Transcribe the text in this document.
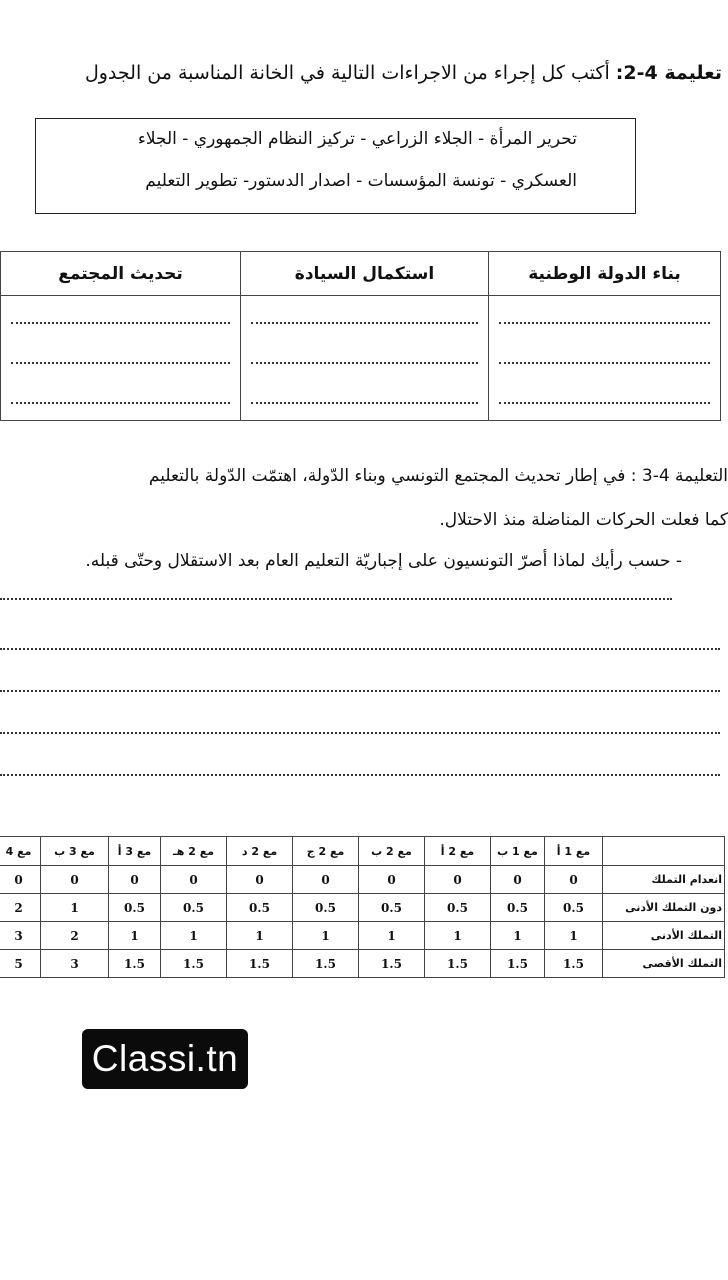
تعليمة 4-2: أكتب كل إجراء من الاجراءات التالية في الخانة المناسبة من الجدول
تحرير المرأة - الجلاء الزراعي - تركيز النظام الجمهوري - الجلاء
العسكري - تونسة المؤسسات - اصدار الدستور- تطوير التعليم
تحديث المجتمع	استكمال السيادة	بناء الدولة الوطنية

التعليمة 4-3 : في إطار تحديث المجتمع التونسي وبناء الدّولة، اهتمّت الدّولة بالتعليم
كما فعلت الحركات المناضلة منذ الاحتلال.
- حسب رأيك لماذا أصرّ التونسيون على إجباريّة التعليم العام بعد الاستقلال وحتّى قبله.
مع 4	مع 3 ب	مع 3 أ	مع 2 هـ	مع 2 د	مع 2 ج	مع 2 ب	مع 2 أ	مع 1 ب	مع 1 أ	
0	0	0	0	0	0	0	0	0	0	انعدام التملك
2	1	0.5	0.5	0.5	0.5	0.5	0.5	0.5	0.5	دون التملك الأدنى
3	2	1	1	1	1	1	1	1	1	التملك الأدنى
5	3	1.5	1.5	1.5	1.5	1.5	1.5	1.5	1.5	التملك الأقصى
Classi.tn
